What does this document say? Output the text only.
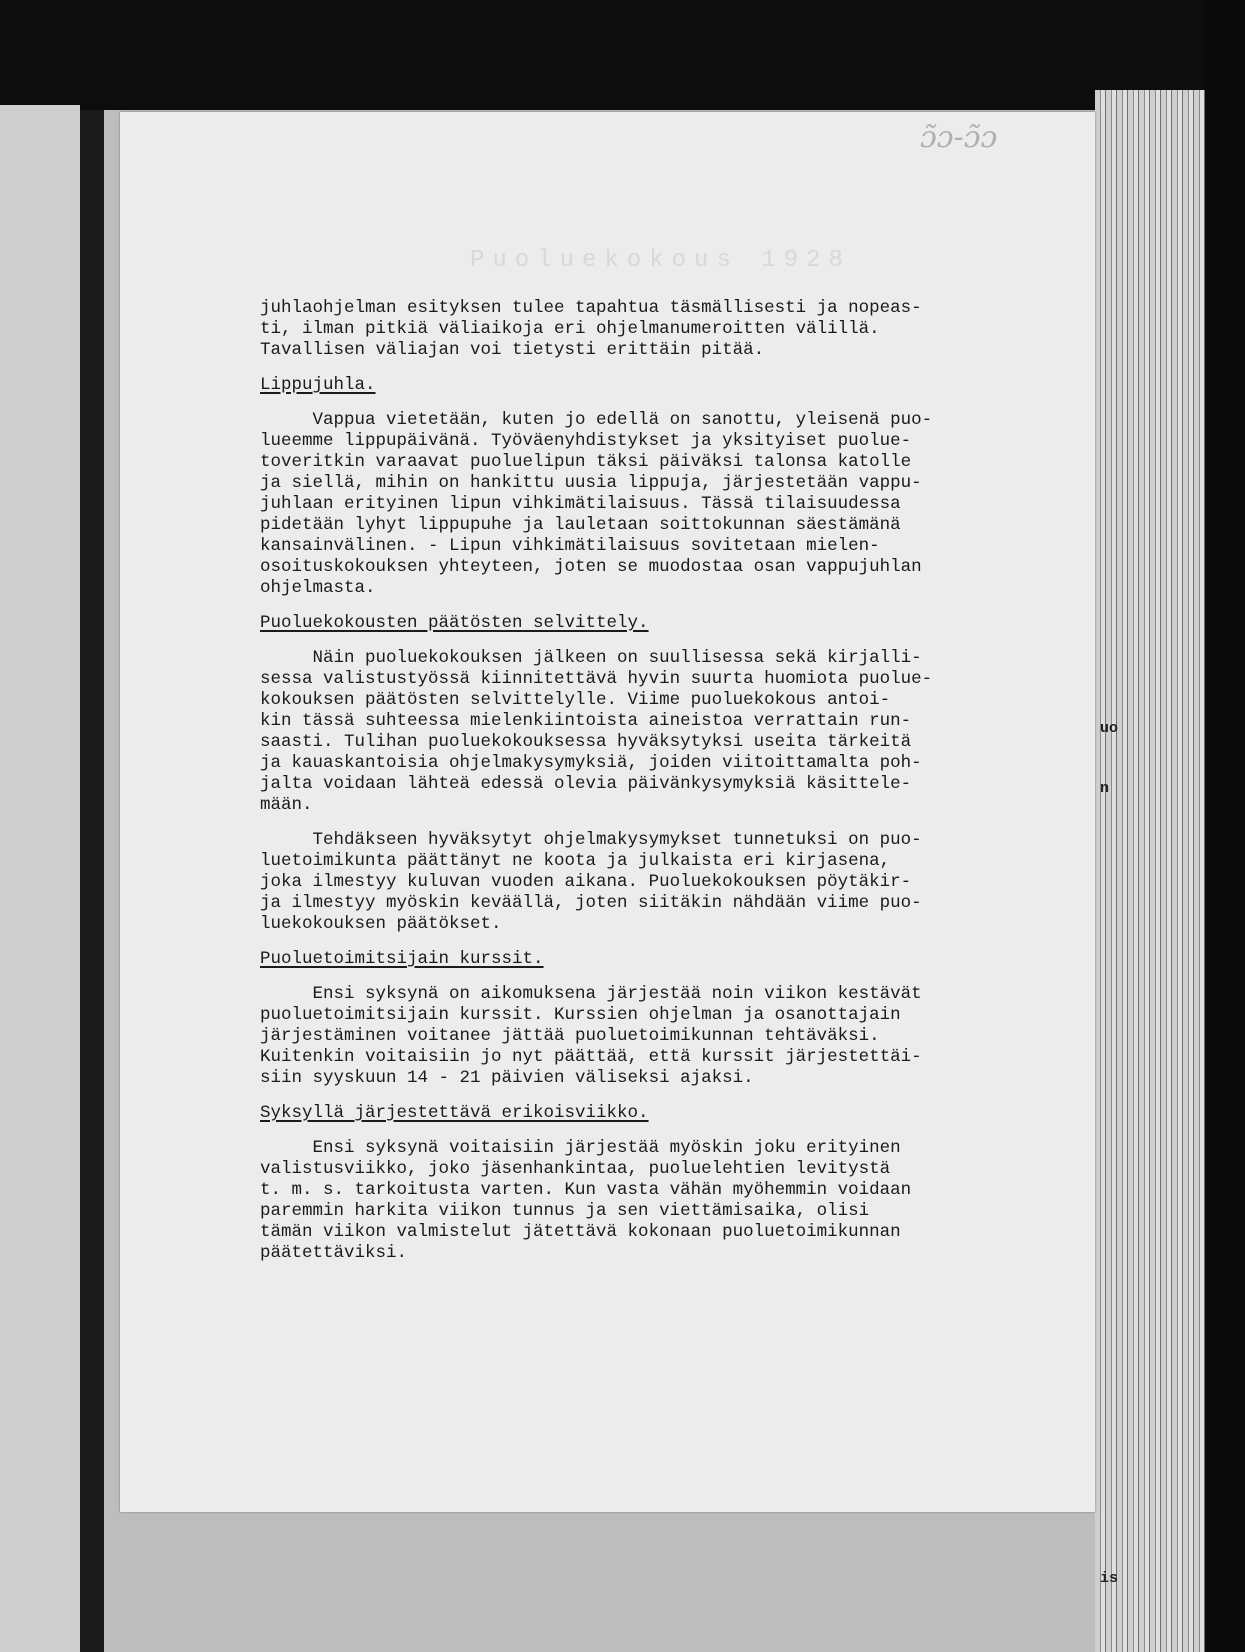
uo
n
is
ɔ̃ɔ-ɔ̃ɔ
Puoluekokous 1928

juhlaohjelman esityksen tulee tapahtua täsmällisesti ja nopeas-

ti, ilman pitkiä väliaikoja eri ohjelmanumeroitten välillä.

Tavallisen väliajan voi tietysti erittäin pitää.

Lippujuhla.

Vappua vietetään, kuten jo edellä on sanottu, yleisenä puo-

lueemme lippupäivänä. Työväenyhdistykset ja yksityiset puolue-

toveritkin varaavat puoluelipun täksi päiväksi talonsa katolle

ja siellä, mihin on hankittu uusia lippuja, järjestetään vappu-

juhlaan erityinen lipun vihkimätilaisuus. Tässä tilaisuudessa

pidetään lyhyt lippupuhe ja lauletaan soittokunnan säestämänä

kansainvälinen. - Lipun vihkimätilaisuus sovitetaan mielen-

osoituskokouksen yhteyteen, joten se muodostaa osan vappujuhlan

ohjelmasta.

Puoluekokousten päätösten selvittely.

Näin puoluekokouksen jälkeen on suullisessa sekä kirjalli-

sessa valistustyössä kiinnitettävä hyvin suurta huomiota puolue-

kokouksen päätösten selvittelylle. Viime puoluekokous antoi-

kin tässä suhteessa mielenkiintoista aineistoa verrattain run-

saasti. Tulihan puoluekokouksessa hyväksytyksi useita tärkeitä

ja kauaskantoisia ohjelmakysymyksiä, joiden viitoittamalta poh-

jalta voidaan lähteä edessä olevia päivänkysymyksiä käsittele-

mään.

Tehdäkseen hyväksytyt ohjelmakysymykset tunnetuksi on puo-

luetoimikunta päättänyt ne koota ja julkaista eri kirjasena,

joka ilmestyy kuluvan vuoden aikana. Puoluekokouksen pöytäkir-

ja ilmestyy myöskin keväällä, joten siitäkin nähdään viime puo-

luekokouksen päätökset.

Puoluetoimitsijain kurssit.

Ensi syksynä on aikomuksena järjestää noin viikon kestävät

puoluetoimitsijain kurssit. Kurssien ohjelman ja osanottajain

järjestäminen voitanee jättää puoluetoimikunnan tehtäväksi.

Kuitenkin voitaisiin jo nyt päättää, että kurssit järjestettäi-

siin syyskuun 14 - 21 päivien väliseksi ajaksi.

Syksyllä järjestettävä erikoisviikko.

Ensi syksynä voitaisiin järjestää myöskin joku erityinen

valistusviikko, joko jäsenhankintaa, puoluelehtien levitystä

t. m. s. tarkoitusta varten. Kun vasta vähän myöhemmin voidaan

paremmin harkita viikon tunnus ja sen viettämisaika, olisi

tämän viikon valmistelut jätettävä kokonaan puoluetoimikunnan

päätettäviksi.
